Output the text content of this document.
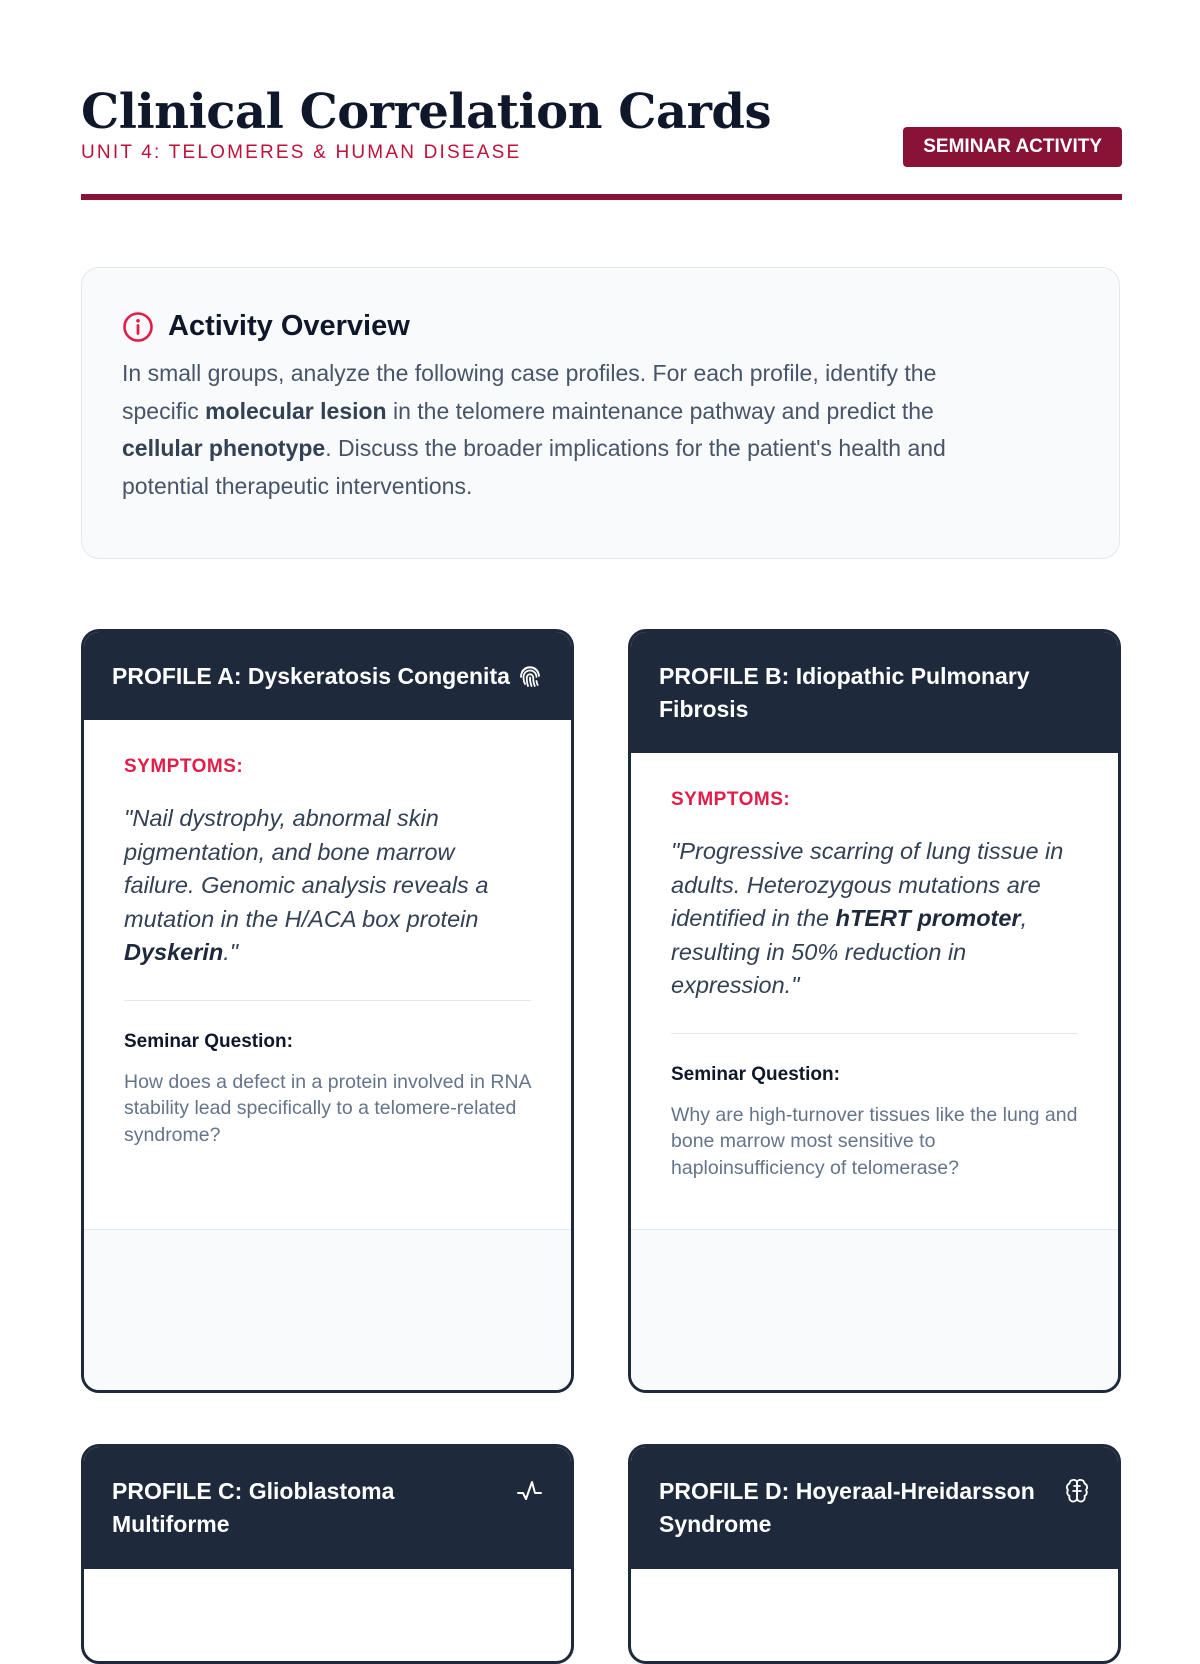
Clinical Correlation Cards
UNIT 4: TELOMERES & HUMAN DISEASE	SEMINAR ACTIVITY
Activity Overview
In small groups, analyze the following case profiles. For each profile, identify the specific molecular lesion in the telomere maintenance pathway and predict the cellular phenotype. Discuss the broader implications for the patient's health and potential therapeutic interventions.
PROFILE A: Dyskeratosis Congenita
SYMPTOMS:
"Nail dystrophy, abnormal skin pigmentation, and bone marrow failure. Genomic analysis reveals a mutation in the H/ACA box protein Dyskerin."
Seminar Question:
How does a defect in a protein involved in RNA stability lead specifically to a telomere-related syndrome?
PROFILE B: Idiopathic Pulmonary Fibrosis
SYMPTOMS:
"Progressive scarring of lung tissue in adults. Heterozygous mutations are identified in the hTERT promoter, resulting in 50% reduction in expression."
Seminar Question:
Why are high-turnover tissues like the lung and bone marrow most sensitive to haploinsufficiency of telomerase?
PROFILE C: Glioblastoma Multiforme
PROFILE D: Hoyeraal-Hreidarsson Syndrome
